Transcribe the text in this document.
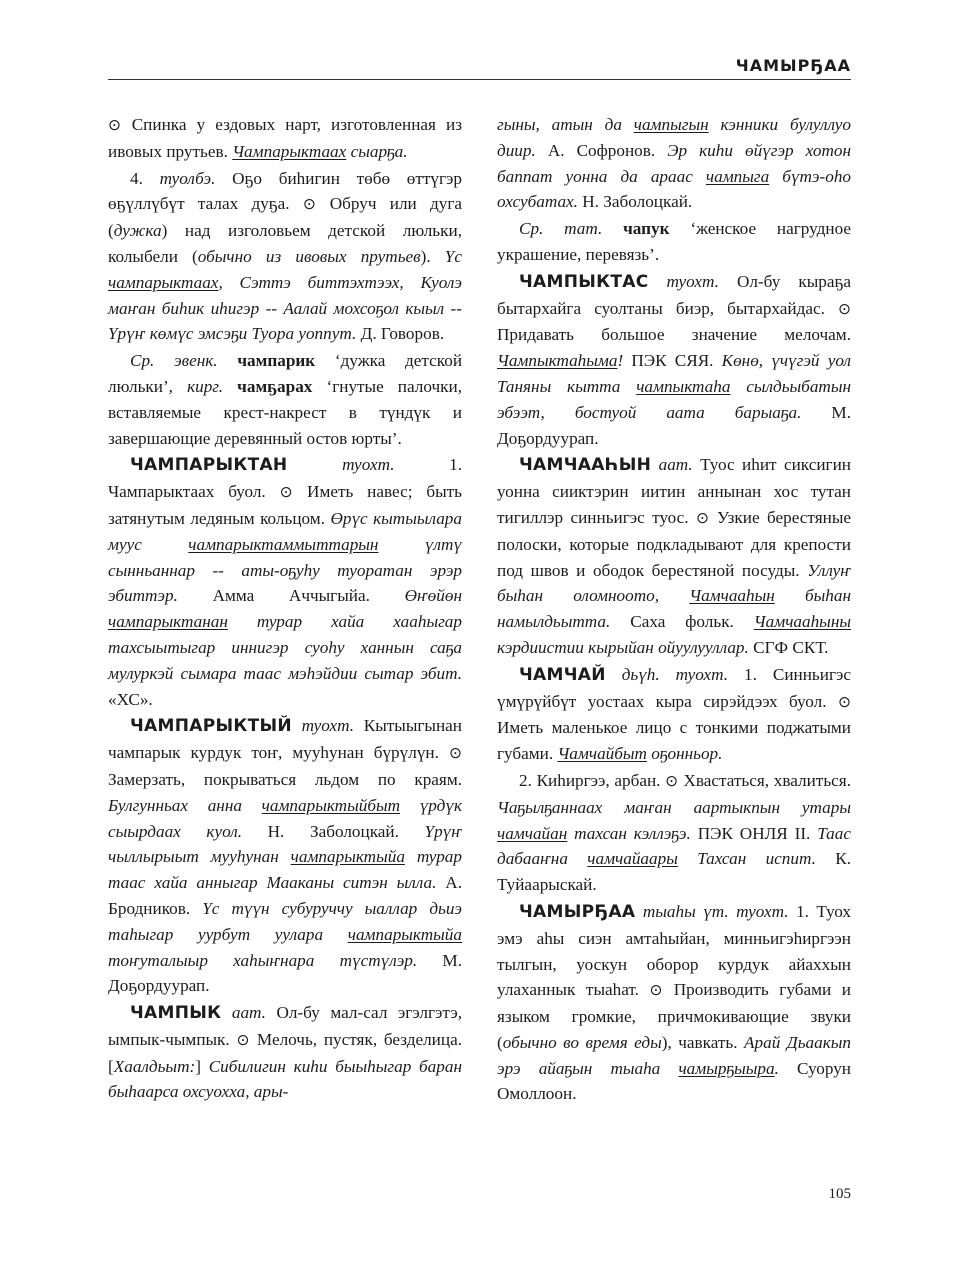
ЧАМЫРҔАА

⊙ Спинка у ездовых нарт, изготовленная из ивовых прутьев. Чампарыктаах сыарҕа.

4. туолбэ. Оҕо биһигин төбө өттүгэр өҕүллүбүт талах дуҕа. ⊙ Обруч или дуга (дужка) над изголовьем детской люльки, колыбели (обычно из ивовых прутьев). Үс чампарыктаах, Сэттэ биттэхтээх, Куолэ маҥан биһик иһигэр -- Аалай мохсоҕол кыыл -- Үрүҥ көмүс эмсэҕи Туора уоппут. Д. Говоров.

Ср. эвенк. чампарик ‘дужка детской люльки’, кирг. чамҕарах ‘гнутые палочки, вставляемые крест-накрест в түндүк и завершающие деревянный остов юрты’.

ЧАМПАРЫКТАН	туохт. 1. Чампарыктаах буол. ⊙ Иметь навес; быть затянутым ледяным кольцом. Өрүс кытыылара муус чампарыктаммыттарын үлтү сынньаннар -- аты-оҕуһу туоратан эрэр эбиттэр. Амма Аччыгыйа. Өҥөйөн чампарыктанан турар хайа хааһыгар тахсыытыгар иннигэр суоһу ханнын саҕа мулуркэй сымара таас мэһэйдии сытар эбит. «ХС».

ЧАМПАРЫКТЫЙ туохт. Кытыыгынан чампарык курдук тоҥ, мууһунан бүрүлүн. ⊙ Замерзать, покрываться льдом по краям. Булгунньах анна чампарыктыйбыт үрдүк сыырдаах куол. Н. Заболоцкай. Үрүҥ чыллырыыт мууһунан чампарыктыйа турар таас хайа анныгар Мааканы ситэн ылла. А. Бродников. Үс түүн субуруччу ыаллар дьиэ таһыгар уурбут уулара чампарыктыйа тоҥуталыыр хаһыҥнара түстүлэр. М. Доҕордуурап.

ЧАМПЫК аат. Ол-бу мал-сал эгэлгэтэ, ымпык-чымпык. ⊙ Мелочь, пустяк, безделица. [Хаалдьыт:] Сибилигин киһи быыһыгар баран быһаарса охсуохха, ары-

гыны, атын да чампыгын кэнники булуллуо диир. А. Софронов. Эр киһи өйүгэр хотон баппат уонна да араас чампыга бүтэ-оһо охсубатах. Н. Заболоцкай.

Ср. тат. чапук ‘женское нагрудное украшение, перевязь’.

ЧАМПЫКТАС туохт. Ол-бу кыраҕа бытархайга суолтаны биэр, бытархайдас. ⊙ Придавать большое значение мелочам. Чампыктаһыма! ПЭК СЯЯ. Көнө, үчүгэй уол Таняны кытта чампыктаһа сылдьыбатын эбээт, бостуой аата барыаҕа. М. Доҕордуурап.

ЧАМЧААҺЫН аат. Туос иһит сиксигин уонна сииктэрин иитин аннынан хос тутан тигиллэр синньигэс туос. ⊙ Узкие берестяные полоски, которые подкладывают для крепости под швов и ободок берестяной посуды. Уллуҥ быһан оломноото, Чамчааһын быһан намылдьытта. Саха фольк. Чамчааһыны кэрдиистии кырыйан ойуулууллар. СГФ СКТ.

ЧАМЧАЙ дьүһ. туохт. 1. Синньигэс үмүрүйбүт уостаах кыра сирэйдээх буол. ⊙ Иметь маленькое лицо с тонкими поджатыми губами. Чамчайбыт оҕонньор.

2. Киһиргээ, арбан. ⊙ Хвастаться, хвалиться. Чаҕылҕаннаах маҥан аартыкпын утары чамчайан тахсан кэллэҕэ. ПЭК ОНЛЯ II. Таас дабааҥна чамчайаары Тахсан испит. К. Туйаарыскай.

ЧАМЫРҔАА тыаһы үт. туохт. 1. Туох эмэ аһы сиэн амтаһыйан, минньигэһиргээн тылгын, уоскун оборор курдук айаххын улаханнык тыаһат. ⊙ Производить губами и языком громкие, причмокивающие звуки (обычно во время еды), чавкать. Арай Дьаакып эрэ айаҕын тыаһа чамырҕыыра. Суорун Омоллоон.

105
